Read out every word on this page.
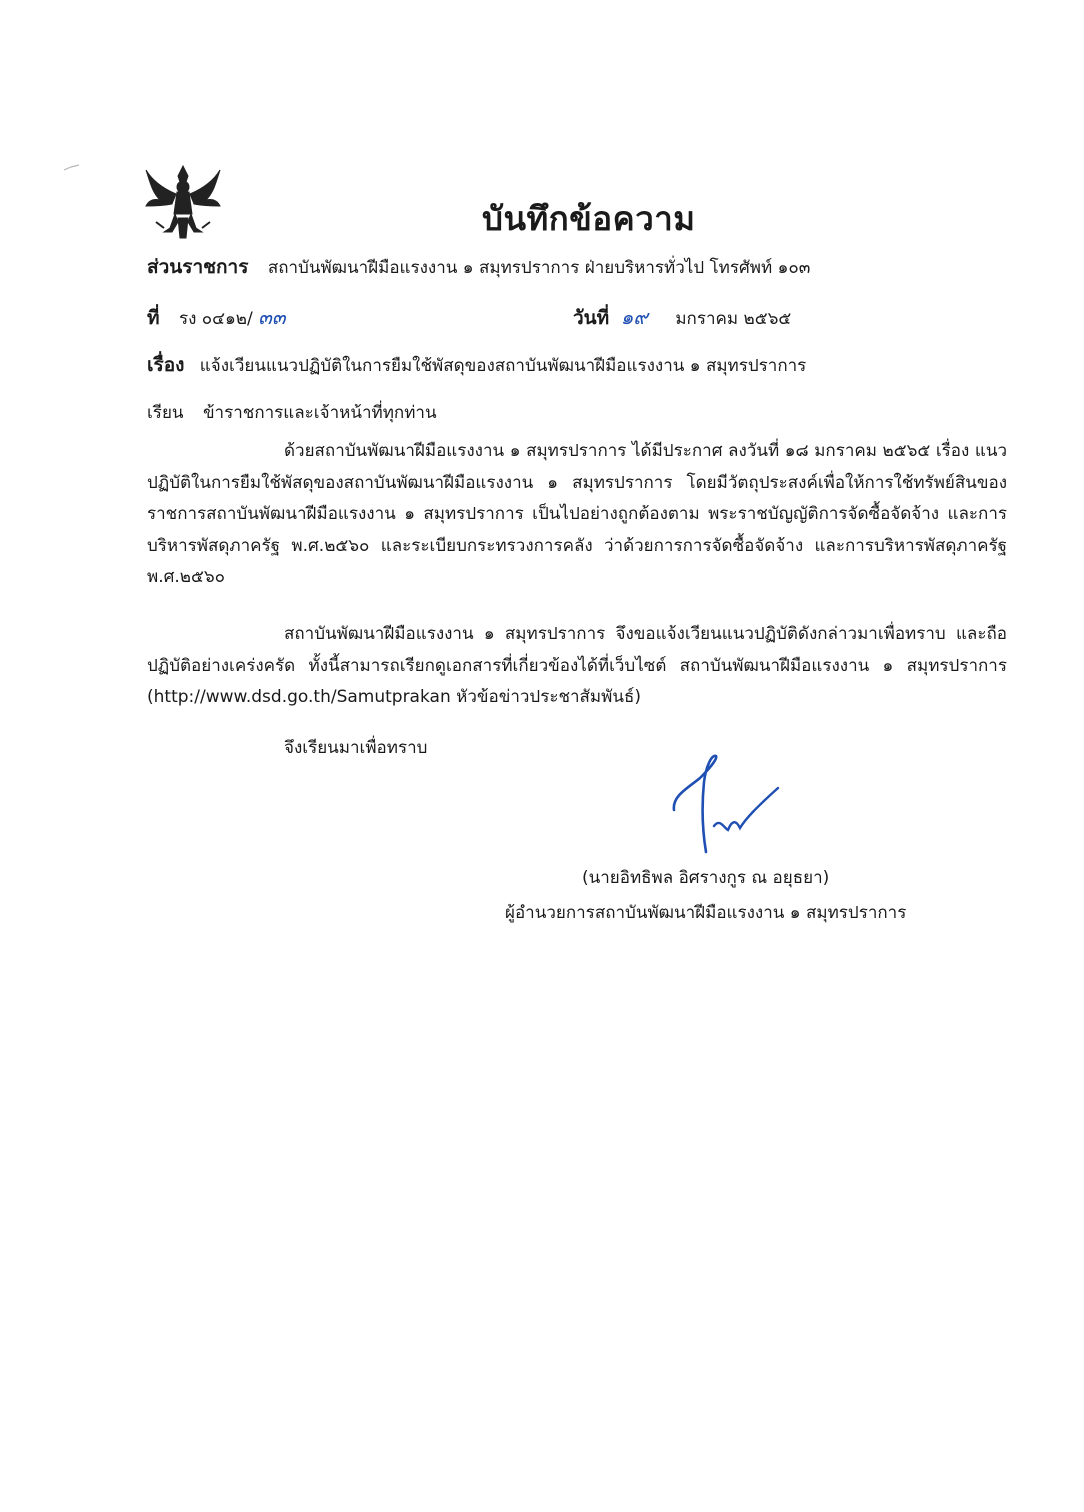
บันทึกข้อความ
ส่วนราชการ สถาบันพัฒนาฝีมือแรงงาน ๑ สมุทรปราการ ฝ่ายบริหารทั่วไป โทรศัพท์ ๑๐๓
ที่ รง ๐๔๑๒/ ๓๓	วันที่ ๑๙ มกราคม ๒๕๖๕
เรื่อง แจ้งเวียนแนวปฏิบัติในการยืมใช้พัสดุของสถาบันพัฒนาฝีมือแรงงาน ๑ สมุทรปราการ
เรียน ข้าราชการและเจ้าหน้าที่ทุกท่าน
ด้วยสถาบันพัฒนาฝีมือแรงงาน ๑ สมุทรปราการ ได้มีประกาศ ลงวันที่ ๑๘ มกราคม ๒๕๖๕ เรื่อง แนวปฏิบัติในการยืมใช้พัสดุของสถาบันพัฒนาฝีมือแรงงาน ๑ สมุทรปราการ โดยมีวัตถุประสงค์เพื่อให้การใช้ทรัพย์สินของราชการสถาบันพัฒนาฝีมือแรงงาน ๑ สมุทรปราการ เป็นไปอย่างถูกต้องตาม พระราชบัญญัติการจัดซื้อจัดจ้าง และการบริหารพัสดุภาครัฐ พ.ศ.๒๕๖๐ และระเบียบกระทรวงการคลัง ว่าด้วยการการจัดซื้อจัดจ้าง และการบริหารพัสดุภาครัฐ พ.ศ.๒๕๖๐
สถาบันพัฒนาฝีมือแรงงาน ๑ สมุทรปราการ จึงขอแจ้งเวียนแนวปฏิบัติดังกล่าวมาเพื่อทราบ และถือปฏิบัติอย่างเคร่งครัด ทั้งนี้สามารถเรียกดูเอกสารที่เกี่ยวข้องได้ที่เว็บไซต์ สถาบันพัฒนาฝีมือแรงงาน ๑ สมุทรปราการ (http://www.dsd.go.th/Samutprakan หัวข้อข่าวประชาสัมพันธ์)
จึงเรียนมาเพื่อทราบ
(นายอิทธิพล อิศรางกูร ณ อยุธยา)
ผู้อำนวยการสถาบันพัฒนาฝีมือแรงงาน ๑ สมุทรปราการ
